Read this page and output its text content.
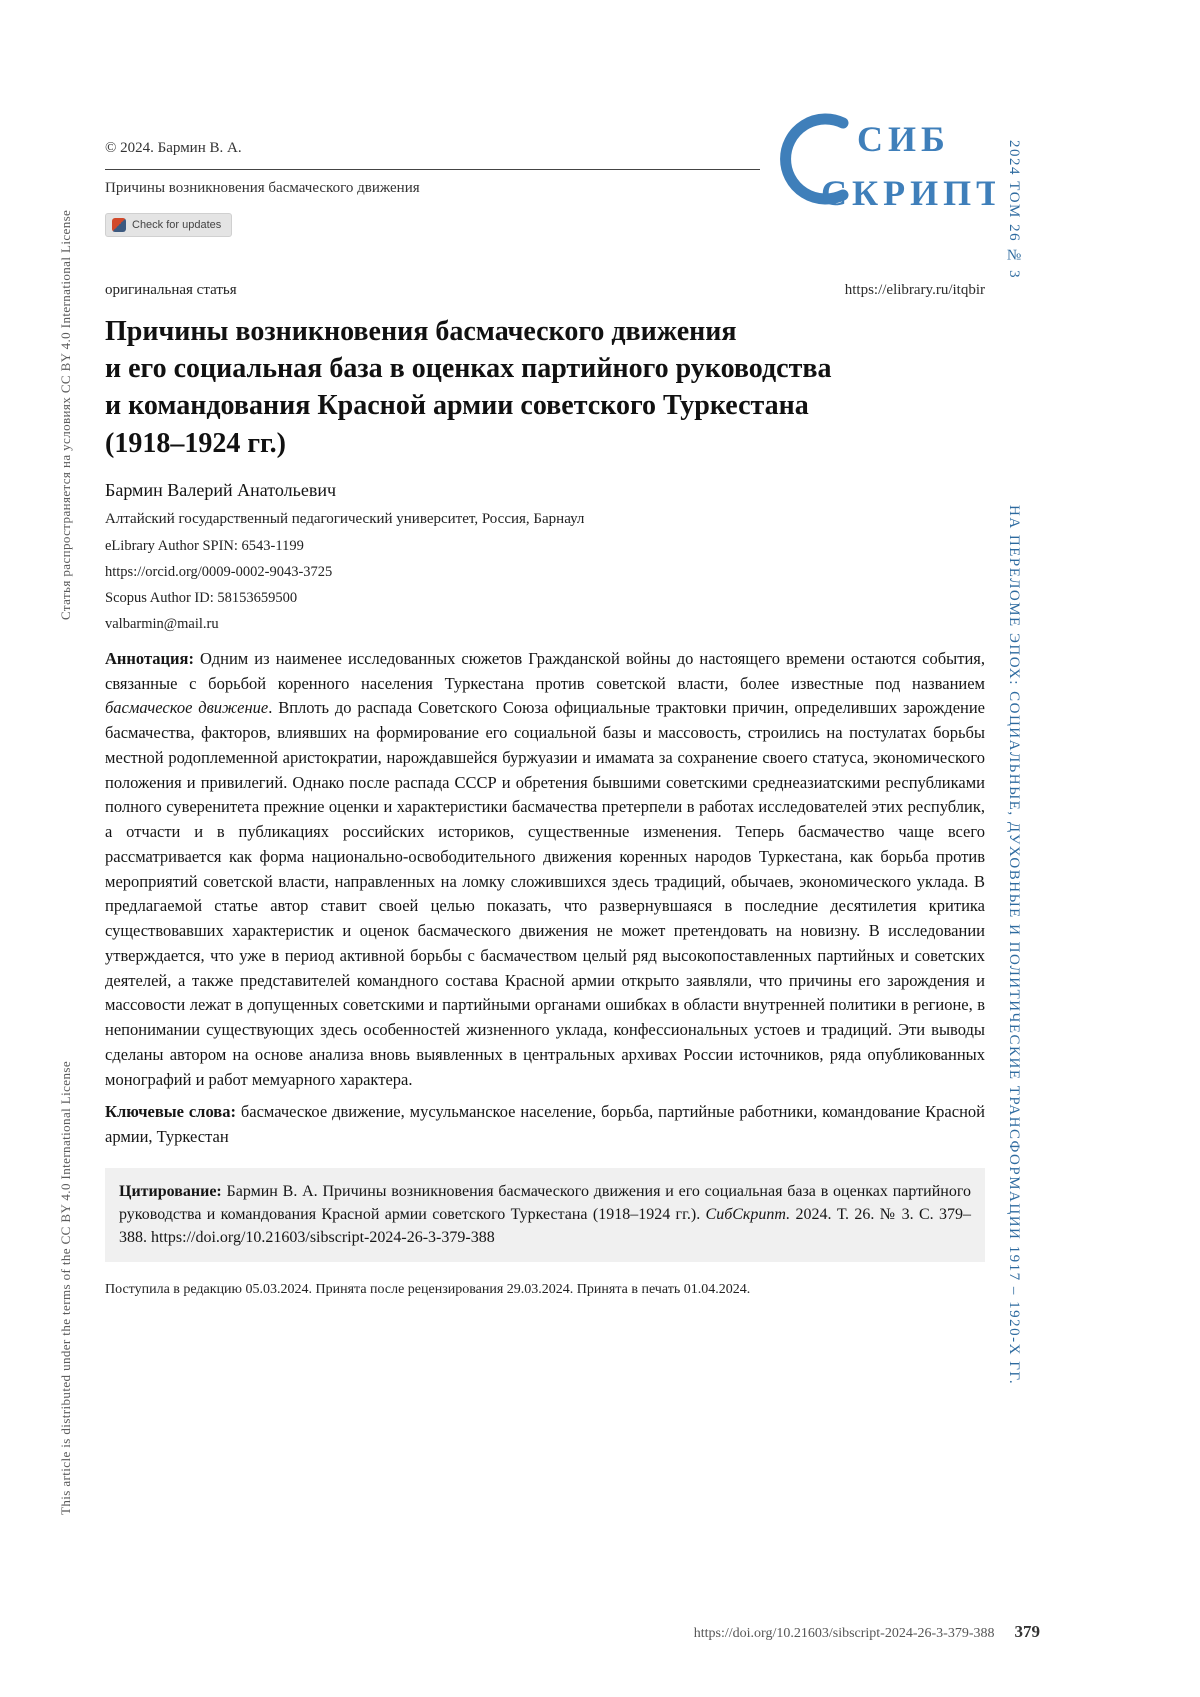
Статья распространяется на условиях CC BY 4.0 International License
This article is distributed under the terms of the CC BY 4.0 International License
2024 ТОМ 26 № 3
НА ПЕРЕЛОМЕ ЭПОХ: СОЦИАЛЬНЫЕ, ДУХОВНЫЕ И ПОЛИТИЧЕСКИЕ ТРАНСФОРМАЦИИ 1917 – 1920-Х ГГ.
СИБ
СКРИПТ

© 2024. Бармин В. А.

Причины возникновения басмаческого движения

Check for updates
оригинальная статья	https://elibrary.ru/itqbir
Причины возникновения басмаческого движения
и его социальная база в оценках партийного руководства
и командования Красной армии советского Туркестана
(1918–1924 гг.)

Бармин Валерий Анатольевич

Алтайский государственный педагогический университет, Россия, Барнаул

eLibrary Author SPIN: 6543-1199

https://orcid.org/0009-0002-9043-3725

Scopus Author ID: 58153659500

valbarmin@mail.ru

Аннотация: Одним из наименее исследованных сюжетов Гражданской войны до настоящего времени остаются события, связанные с борьбой коренного населения Туркестана против советской власти, более известные под названием басмаческое движение. Вплоть до распада Советского Союза официальные трактовки причин, определивших зарождение басмачества, факторов, влиявших на формирование его социальной базы и массовость, строились на постулатах борьбы местной родоплеменной аристократии, нарождавшейся буржуазии и имамата за сохранение своего статуса, экономического положения и привилегий. Однако после распада СССР и обретения бывшими советскими среднеазиатскими республиками полного суверенитета прежние оценки и характеристики басмачества претерпели в работах исследователей этих республик, а отчасти и в публикациях российских историков, существенные изменения. Теперь басмачество чаще всего рассматривается как форма национально-освободительного движения коренных народов Туркестана, как борьба против мероприятий советской власти, направленных на ломку сложившихся здесь традиций, обычаев, экономического уклада. В предлагаемой статье автор ставит своей целью показать, что развернувшаяся в последние десятилетия критика существовавших характеристик и оценок басмаческого движения не может претендовать на новизну. В исследовании утверждается, что уже в период активной борьбы с басмачеством целый ряд высокопоставленных партийных и советских деятелей, а также представителей командного состава Красной армии открыто заявляли, что причины его зарождения и массовости лежат в допущенных советскими и партийными органами ошибках в области внутренней политики в регионе, в непонимании существующих здесь особенностей жизненного уклада, конфессиональных устоев и традиций. Эти выводы сделаны автором на основе анализа вновь выявленных в центральных архивах России источников, ряда опубликованных монографий и работ мемуарного характера.

Ключевые слова: басмаческое движение, мусульманское население, борьба, партийные работники, командование Красной армии, Туркестан

Цитирование: Бармин В. А. Причины возникновения басмаческого движения и его социальная база в оценках партийного руководства и командования Красной армии советского Туркестана (1918–1924 гг.). СибСкрипт. 2024. Т. 26. № 3. С. 379–388. https://doi.org/10.21603/sibscript-2024-26-3-379-388

Поступила в редакцию 05.03.2024. Принята после рецензирования 29.03.2024. Принята в печать 01.04.2024.

https://doi.org/10.21603/sibscript-2024-26-3-379-388 379
